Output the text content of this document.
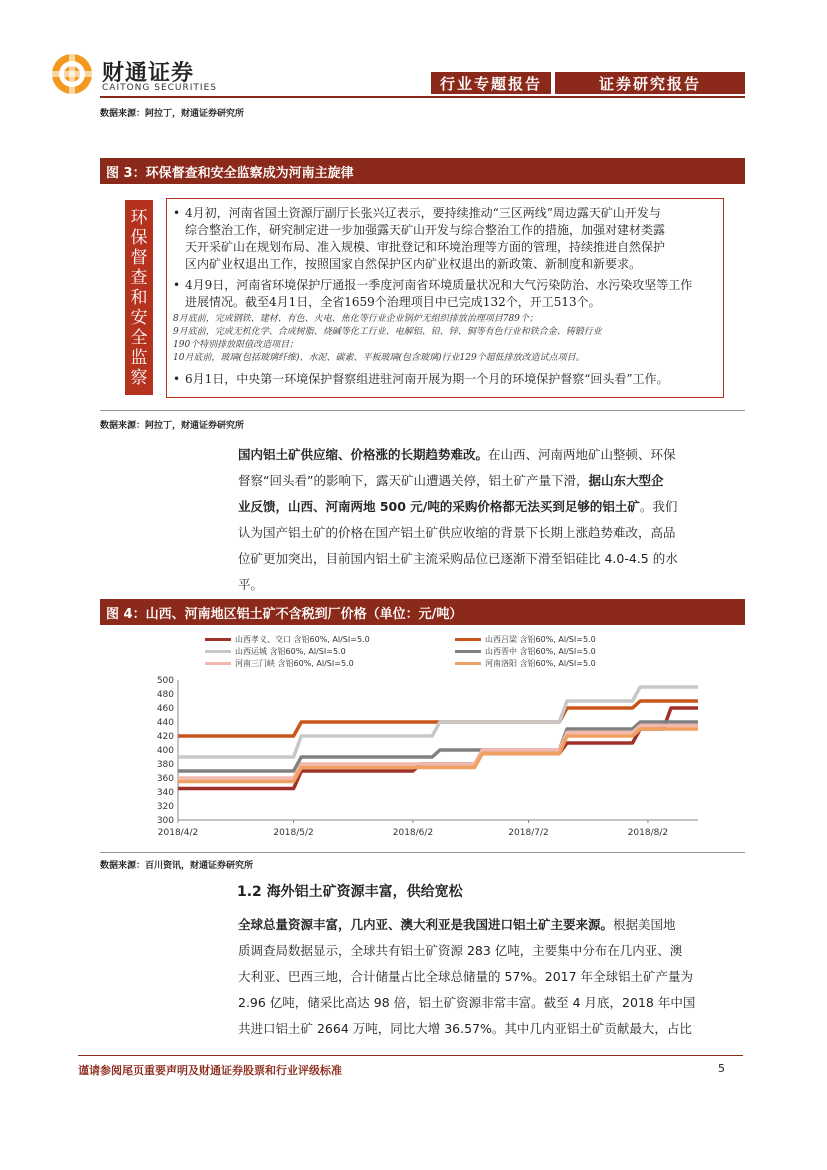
财通证券
CAITONG SECURITIES	行业专题报告	证券研究报告
数据来源：阿拉丁，财通证券研究所
图 3：环保督查和安全监察成为河南主旋律
环
保
督
查
和
安
全
监
察
• 4月初，河南省国土资源厅副厅长张兴辽表示，要持续推动“三区两线”周边露天矿山开发与
综合整治工作，研究制定进一步加强露天矿山开发与综合整治工作的措施，加强对建材类露
天开采矿山在规划布局、准入规模、审批登记和环境治理等方面的管理，持续推进自然保护
区内矿业权退出工作，按照国家自然保护区内矿业权退出的新政策、新制度和新要求。
• 4月9日，河南省环境保护厅通报一季度河南省环境质量状况和大气污染防治、水污染攻坚等工作
进展情况。截至4月1日，全省1659个治理项目中已完成132个，开工513个。
8月底前，完成钢铁、建材、有色、火电、焦化等行业企业锅炉无组织排放治理项目789个；
9月底前，完成无机化学、合成树脂、烧碱等化工行业、电解铝、铅、锌、铜等有色行业和铁合金、铸锻行业
190个特别排放限值改造项目；
10月底前，玻璃(包括玻璃纤维)、水泥、碳素、平板玻璃(包含玻璃)行业129个超低排放改造试点项目。
• 6月1日，中央第一环境保护督察组进驻河南开展为期一个月的环境保护督察“回头看”工作。
数据来源：阿拉丁，财通证券研究所
国内铝土矿供应缩、价格涨的长期趋势难改。在山西、河南两地矿山整顿、环保
督察“回头看”的影响下，露天矿山遭遇关停，铝土矿产量下滑，据山东大型企
业反馈，山西、河南两地 500 元/吨的采购价格都无法买到足够的铝土矿。我们
认为国产铝土矿的价格在国产铝土矿供应收缩的背景下长期上涨趋势难改，高品
位矿更加突出，目前国内铝土矿主流采购品位已逐渐下滑至铝硅比 4.0-4.5 的水
平。
图 4：山西、河南地区铝土矿不含税到厂价格（单位：元/吨）
山西孝义、交口 含铝60%, Al/SI=5.0	山西吕梁 含铝60%, Al/SI=5.0
山西运城 含铝60%, Al/SI=5.0	山西晋中 含铝60%, Al/SI=5.0
河南三门峡 含铝60%, Al/SI=5.0	河南洛阳 含铝60%, Al/SI=5.0
300
320
340
360
380
400
420
440
460
480
500
2018/4/2	2018/5/2	2018/6/2	2018/7/2	2018/8/2
数据来源：百川资讯，财通证券研究所
1.2 海外铝土矿资源丰富，供给宽松
全球总量资源丰富，几内亚、澳大利亚是我国进口铝土矿主要来源。根据美国地
质调查局数据显示，全球共有铝土矿资源 283 亿吨，主要集中分布在几内亚、澳
大利亚、巴西三地，合计储量占比全球总储量的 57%。2017 年全球铝土矿产量为
2.96 亿吨，储采比高达 98 倍，铝土矿资源非常丰富。截至 4 月底，2018 年中国
共进口铝土矿 2664 万吨，同比大增 36.57%。其中几内亚铝土矿贡献最大，占比
谨请参阅尾页重要声明及财通证券股票和行业评级标准	5
